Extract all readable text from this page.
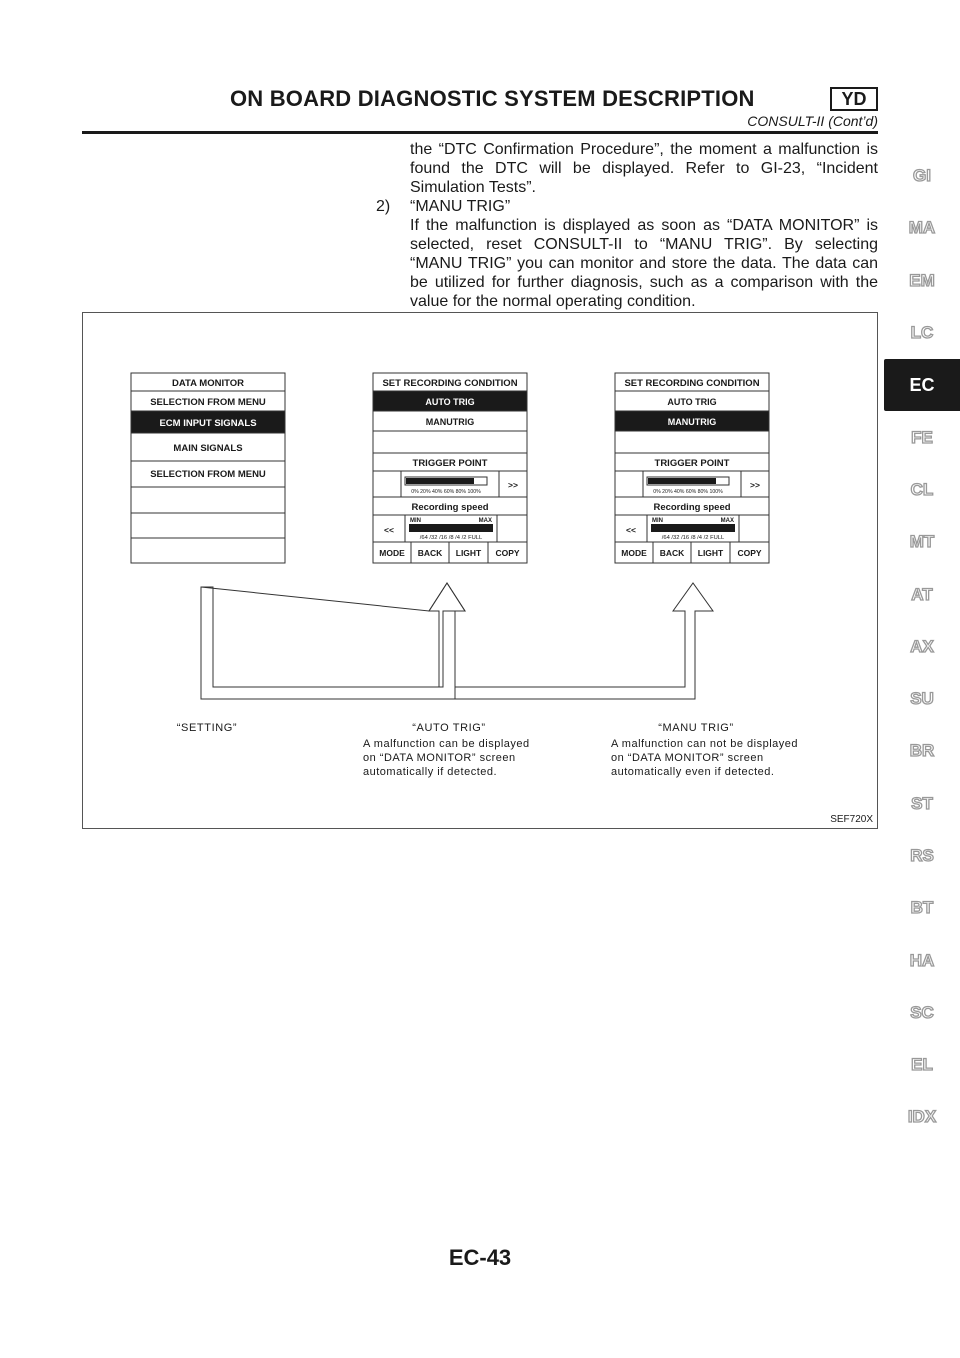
ON BOARD DIAGNOSTIC SYSTEM DESCRIPTION	YD
CONSULT-II (Cont’d)

the “DTC Confirmation Procedure”, the moment a malfunction is found the DTC will be displayed. Refer to GI-23, “Incident Simulation Tests”.

2)	“MANU TRIG”

If the malfunction is displayed as soon as “DATA MONITOR” is selected, reset CONSULT-II to “MANU TRIG”. By selecting “MANU TRIG” you can monitor and store the data. The data can be utilized for further diagnosis, such as a comparison with the value for the normal operating condition.

DATA MONITOR
SELECTION FROM MENU
ECM INPUT SIGNALS
MAIN SIGNALS
SELECTION FROM MENU
SET RECORDING CONDITION
AUTO TRIG
MANUTRIG
TRIGGER POINT
0% 20% 40% 60% 80% 100%
>>
Recording speed
<<
MIN	MAX
/64 /32 /16 /8 /4 /2 FULL
MODE BACK LIGHT COPY
SET RECORDING CONDITION
AUTO TRIG
MANUTRIG
TRIGGER POINT
0% 20% 40% 60% 80% 100%
>>
Recording speed
<<
MIN	MAX
/64 /32 /16 /8 /4 /2 FULL
MODE BACK LIGHT COPY
“SETTING”	“AUTO TRIG”
A malfunction can be displayed
on “DATA MONITOR” screen
automatically if detected.
“MANU TRIG”
A malfunction can not be displayed
on “DATA MONITOR” screen
automatically even if detected.
SEF720X
GI
MA
EM
LC
EC
FE
CL
MT
AT
AX
SU
BR
ST
RS
BT
HA
SC
EL
IDX
EC-43
